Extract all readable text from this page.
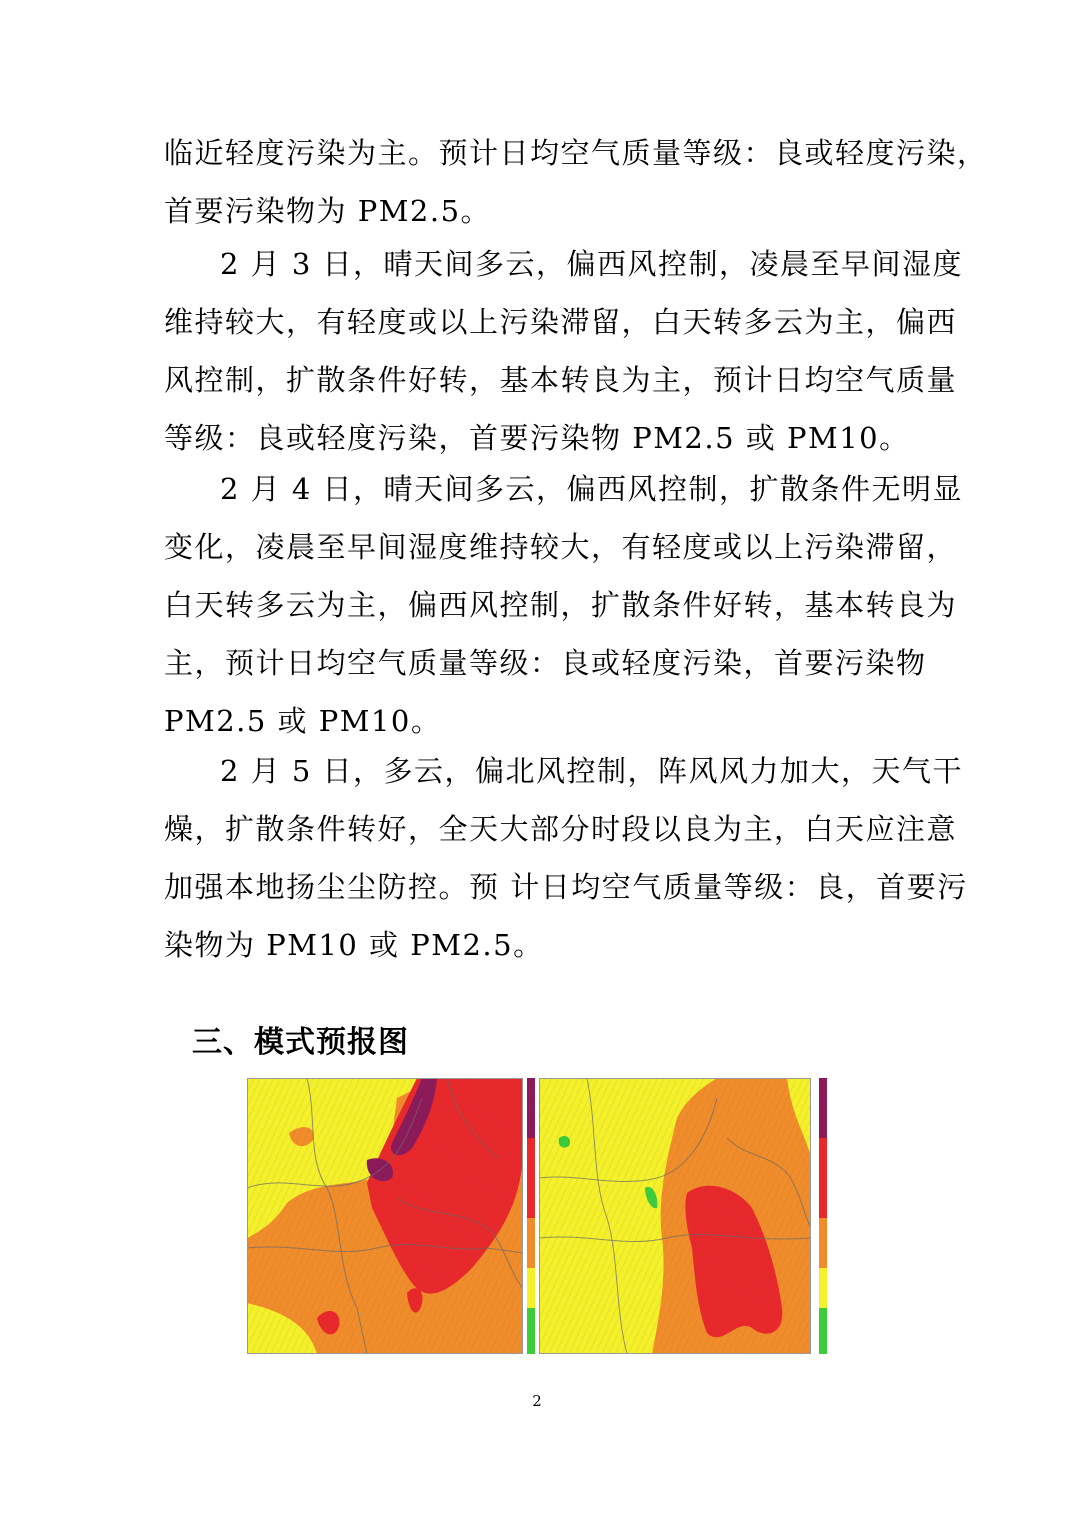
临近轻度污染为主。预计日均空气质量等级：良或轻度污染，
首要污染物为 PM2.5。
2 月 3 日，晴天间多云，偏西风控制，凌晨至早间湿度
维持较大，有轻度或以上污染滞留，白天转多云为主，偏西
风控制，扩散条件好转，基本转良为主，预计日均空气质量
等级：良或轻度污染，首要污染物 PM2.5 或 PM10。
2 月 4 日，晴天间多云，偏西风控制，扩散条件无明显
变化，凌晨至早间湿度维持较大，有轻度或以上污染滞留，
白天转多云为主，偏西风控制，扩散条件好转，基本转良为
主，预计日均空气质量等级：良或轻度污染，首要污染物
PM2.5 或 PM10。
2 月 5 日，多云，偏北风控制，阵风风力加大，天气干
燥，扩散条件转好，全天大部分时段以良为主，白天应注意
加强本地扬尘尘防控。预 计日均空气质量等级：良，首要污
染物为 PM10 或 PM2.5。
三、模式预报图
2
